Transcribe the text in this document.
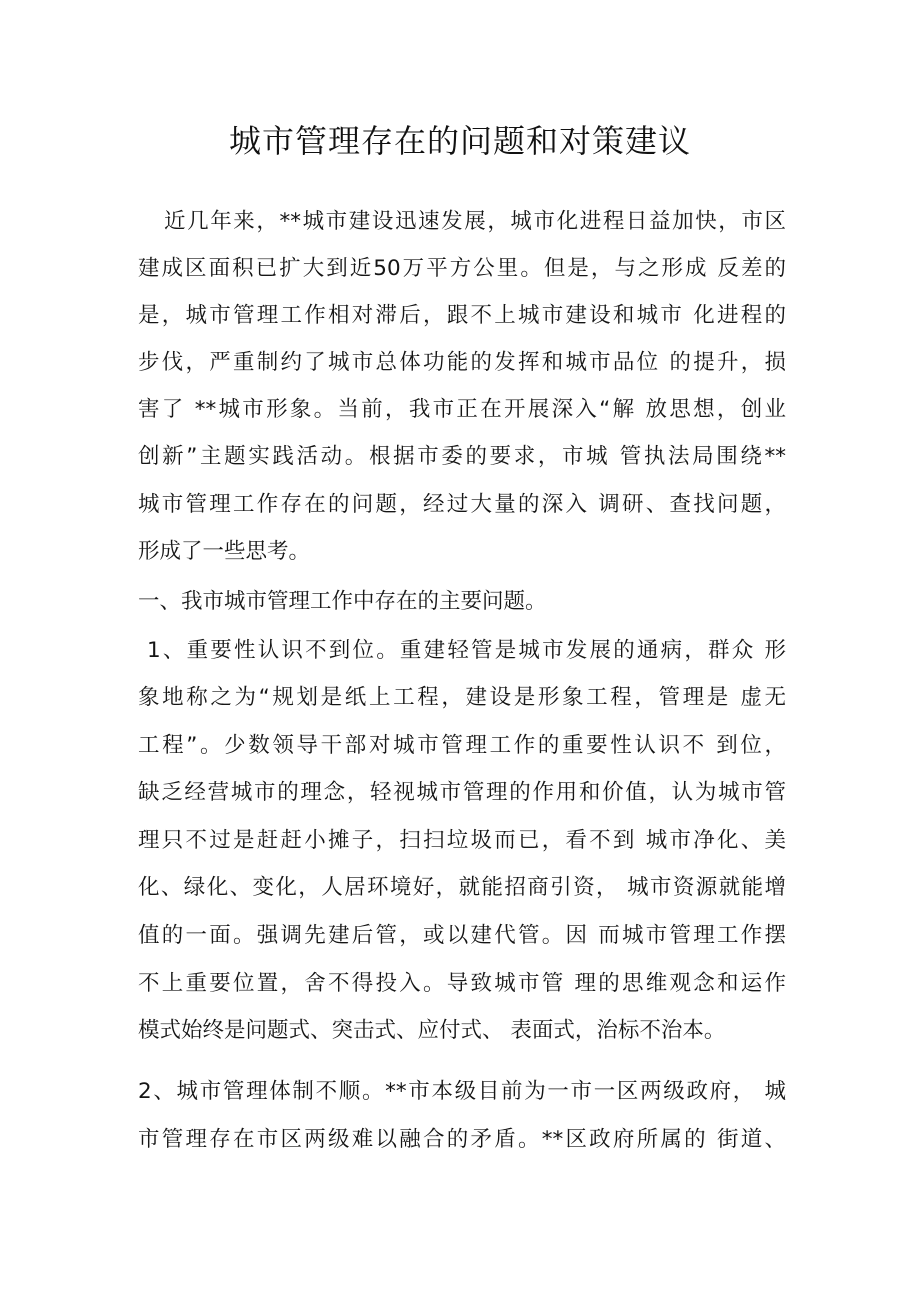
城市管理存在的问题和对策建议
近几年来，**城市建设迅速发展，城市化进程日益加快，市区
建成区面积已扩大到近50万平方公里。但是，与之形成 反差的
是，城市管理工作相对滞后，跟不上城市建设和城市 化进程的
步伐，严重制约了城市总体功能的发挥和城市品位 的提升，损
害了 **城市形象。当前，我市正在开展深入“解 放思想，创业
创新”主题实践活动。根据市委的要求，市城 管执法局围绕**
城市管理工作存在的问题，经过大量的深入 调研、查找问题，
形成了一些思考。
一、我市城市管理工作中存在的主要问题。
1、重要性认识不到位。重建轻管是城市发展的通病，群众 形
象地称之为“规划是纸上工程，建设是形象工程，管理是 虚无
工程”。少数领导干部对城市管理工作的重要性认识不 到位，
缺乏经营城市的理念，轻视城市管理的作用和价值，认为城市管
理只不过是赶赶小摊子，扫扫垃圾而已，看不到 城市净化、美
化、绿化、变化，人居环境好，就能招商引资， 城市资源就能增
值的一面。强调先建后管，或以建代管。因 而城市管理工作摆
不上重要位置，舍不得投入。导致城市管 理的思维观念和运作
模式始终是问题式、突击式、应付式、 表面式，治标不治本。
2、城市管理体制不顺。**市本级目前为一市一区两级政府， 城
市管理存在市区两级难以融合的矛盾。**区政府所属的 街道、
